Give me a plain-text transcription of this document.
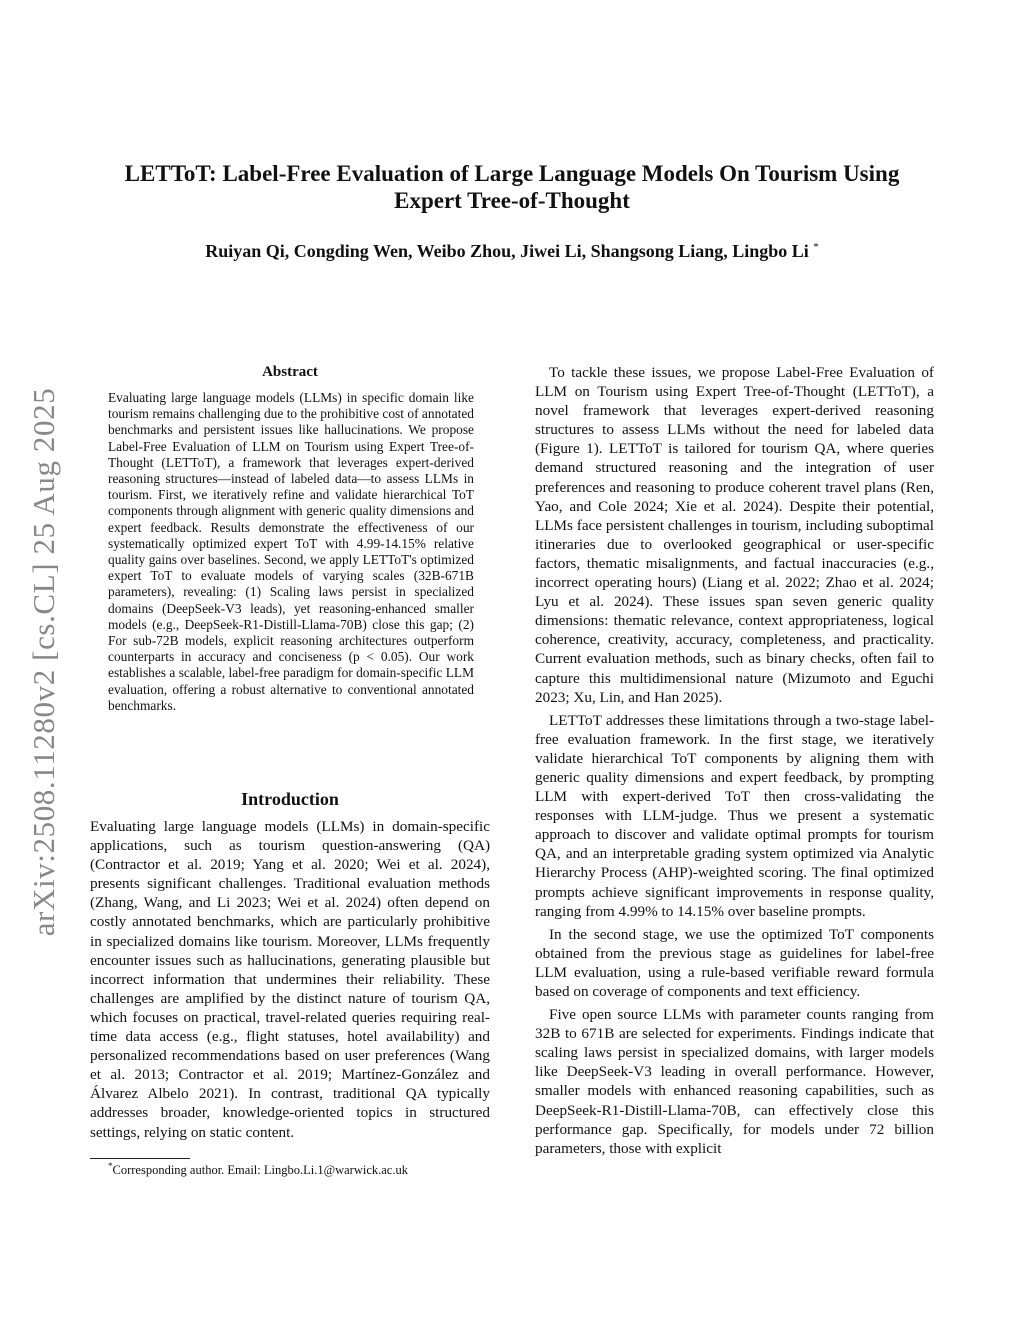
arXiv:2508.11280v2 [cs.CL] 25 Aug 2025
LETToT: Label-Free Evaluation of Large Language Models On Tourism Using
Expert Tree-of-Thought
Ruiyan Qi, Congding Wen, Weibo Zhou, Jiwei Li, Shangsong Liang, Lingbo Li *
Abstract
Evaluating large language models (LLMs) in specific domain like tourism remains challenging due to the prohibitive cost of annotated benchmarks and persistent issues like hallucinations. We propose Label-Free Evaluation of LLM on Tourism using Expert Tree-of-Thought (LETToT), a framework that leverages expert-derived reasoning structures—instead of labeled data—to assess LLMs in tourism. First, we iteratively refine and validate hierarchical ToT components through alignment with generic quality dimensions and expert feedback. Results demonstrate the effectiveness of our systematically optimized expert ToT with 4.99-14.15% relative quality gains over baselines. Second, we apply LETToT's optimized expert ToT to evaluate models of varying scales (32B-671B parameters), revealing: (1) Scaling laws persist in specialized domains (DeepSeek-V3 leads), yet reasoning-enhanced smaller models (e.g., DeepSeek-R1-Distill-Llama-70B) close this gap; (2) For sub-72B models, explicit reasoning architectures outperform counterparts in accuracy and conciseness (p < 0.05). Our work establishes a scalable, label-free paradigm for domain-specific LLM evaluation, offering a robust alternative to conventional annotated benchmarks.
Introduction
Evaluating large language models (LLMs) in domain-specific applications, such as tourism question-answering (QA) (Contractor et al. 2019; Yang et al. 2020; Wei et al. 2024), presents significant challenges. Traditional evaluation methods (Zhang, Wang, and Li 2023; Wei et al. 2024) often depend on costly annotated benchmarks, which are particularly prohibitive in specialized domains like tourism. Moreover, LLMs frequently encounter issues such as hallucinations, generating plausible but incorrect information that undermines their reliability. These challenges are amplified by the distinct nature of tourism QA, which focuses on practical, travel-related queries requiring real-time data access (e.g., flight statuses, hotel availability) and personalized recommendations based on user preferences (Wang et al. 2013; Contractor et al. 2019; Martínez-González and Álvarez Albelo 2021). In contrast, traditional QA typically addresses broader, knowledge-oriented topics in structured settings, relying on static content.
*Corresponding author. Email: Lingbo.Li.1@warwick.ac.uk

To tackle these issues, we propose Label-Free Evaluation of LLM on Tourism using Expert Tree-of-Thought (LETToT), a novel framework that leverages expert-derived reasoning structures to assess LLMs without the need for labeled data (Figure 1). LETToT is tailored for tourism QA, where queries demand structured reasoning and the integration of user preferences and reasoning to produce coherent travel plans (Ren, Yao, and Cole 2024; Xie et al. 2024). Despite their potential, LLMs face persistent challenges in tourism, including suboptimal itineraries due to overlooked geographical or user-specific factors, thematic misalignments, and factual inaccuracies (e.g., incorrect operating hours) (Liang et al. 2022; Zhao et al. 2024; Lyu et al. 2024). These issues span seven generic quality dimensions: thematic relevance, context appropriateness, logical coherence, creativity, accuracy, completeness, and practicality. Current evaluation methods, such as binary checks, often fail to capture this multidimensional nature (Mizumoto and Eguchi 2023; Xu, Lin, and Han 2025).

LETToT addresses these limitations through a two-stage label-free evaluation framework. In the first stage, we iteratively validate hierarchical ToT components by aligning them with generic quality dimensions and expert feedback, by prompting LLM with expert-derived ToT then cross-validating the responses with LLM-judge. Thus we present a systematic approach to discover and validate optimal prompts for tourism QA, and an interpretable grading system optimized via Analytic Hierarchy Process (AHP)-weighted scoring. The final optimized prompts achieve significant improvements in response quality, ranging from 4.99% to 14.15% over baseline prompts.

In the second stage, we use the optimized ToT components obtained from the previous stage as guidelines for label-free LLM evaluation, using a rule-based verifiable reward formula based on coverage of components and text efficiency.

Five open source LLMs with parameter counts ranging from 32B to 671B are selected for experiments. Findings indicate that scaling laws persist in specialized domains, with larger models like DeepSeek-V3 leading in overall performance. However, smaller models with enhanced reasoning capabilities, such as DeepSeek-R1-Distill-Llama-70B, can effectively close this performance gap. Specifically, for models under 72 billion parameters, those with explicit
